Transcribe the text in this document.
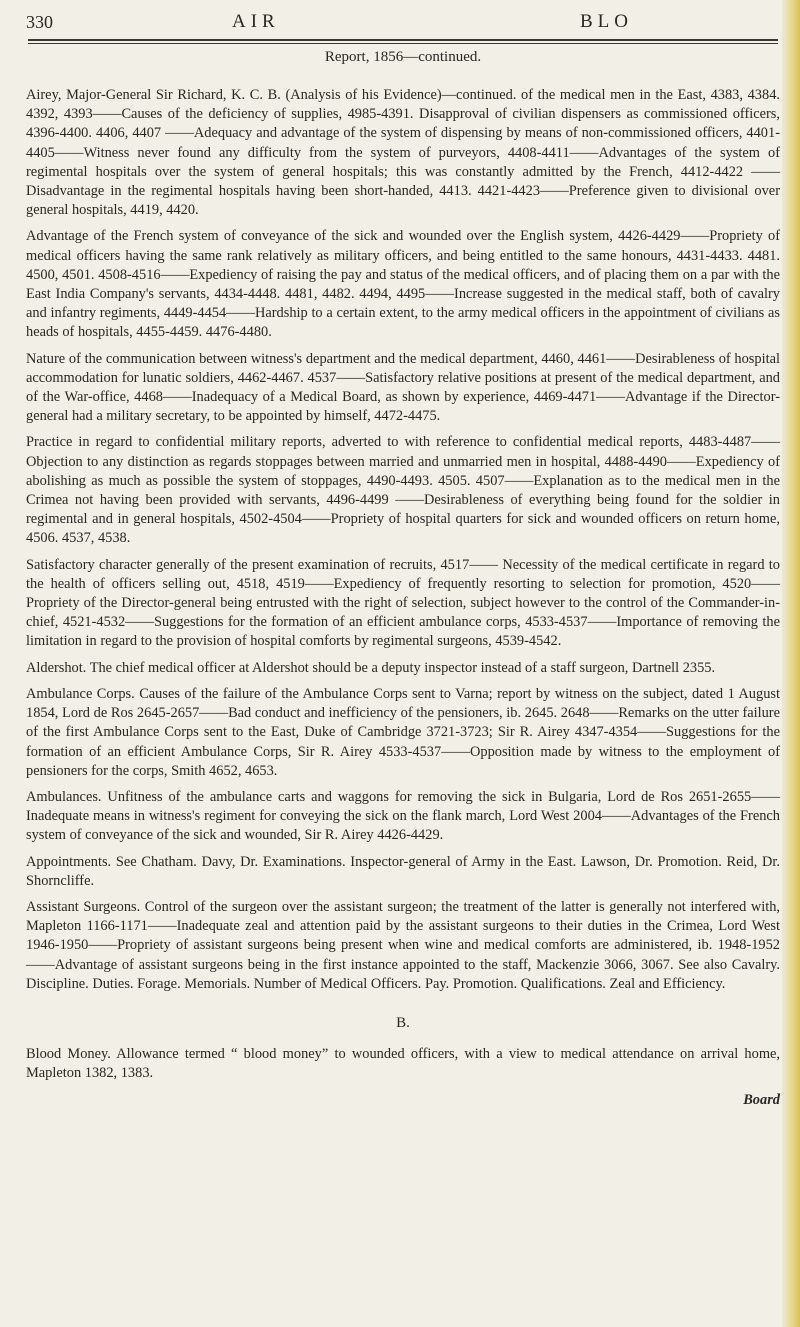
330	AIR	BLO
Report, 1856—continued.

Airey, Major-General Sir Richard, K. C. B. (Analysis of his Evidence)—continued. of the medical men in the East, 4383, 4384. 4392, 4393——Causes of the deficiency of supplies, 4985-4391. Disapproval of civilian dispensers as commissioned officers, 4396-4400. 4406, 4407 ——Adequacy and advantage of the system of dispensing by means of non-commissioned officers, 4401-4405——Witness never found any difficulty from the system of purveyors, 4408-4411——Advantages of the system of regimental hospitals over the system of general hospitals; this was constantly admitted by the French, 4412-4422 ——Disadvantage in the regimental hospitals having been short-handed, 4413. 4421-4423——Preference given to divisional over general hospitals, 4419, 4420.

Advantage of the French system of conveyance of the sick and wounded over the English system, 4426-4429——Propriety of medical officers having the same rank relatively as military officers, and being entitled to the same honours, 4431-4433. 4481. 4500, 4501. 4508-4516——Expediency of raising the pay and status of the medical officers, and of placing them on a par with the East India Company's servants, 4434-4448. 4481, 4482. 4494, 4495——Increase suggested in the medical staff, both of cavalry and infantry regiments, 4449-4454——Hardship to a certain extent, to the army medical officers in the appointment of civilians as heads of hospitals, 4455-4459. 4476-4480.

Nature of the communication between witness's department and the medical department, 4460, 4461——Desirableness of hospital accommodation for lunatic soldiers, 4462-4467. 4537——Satisfactory relative positions at present of the medical department, and of the War-office, 4468——Inadequacy of a Medical Board, as shown by experience, 4469-4471——Advantage if the Director-general had a military secretary, to be appointed by himself, 4472-4475.

Practice in regard to confidential military reports, adverted to with reference to confidential medical reports, 4483-4487——Objection to any distinction as regards stoppages between married and unmarried men in hospital, 4488-4490——Expediency of abolishing as much as possible the system of stoppages, 4490-4493. 4505. 4507——Explanation as to the medical men in the Crimea not having been provided with servants, 4496-4499 ——Desirableness of everything being found for the soldier in regimental and in general hospitals, 4502-4504——Propriety of hospital quarters for sick and wounded officers on return home, 4506. 4537, 4538.

Satisfactory character generally of the present examination of recruits, 4517—— Necessity of the medical certificate in regard to the health of officers selling out, 4518, 4519——Expediency of frequently resorting to selection for promotion, 4520——Propriety of the Director-general being entrusted with the right of selection, subject however to the control of the Commander-in-chief, 4521-4532——Suggestions for the formation of an efficient ambulance corps, 4533-4537——Importance of removing the limitation in regard to the provision of hospital comforts by regimental surgeons, 4539-4542.

Aldershot. The chief medical officer at Aldershot should be a deputy inspector instead of a staff surgeon, Dartnell 2355.

Ambulance Corps. Causes of the failure of the Ambulance Corps sent to Varna; report by witness on the subject, dated 1 August 1854, Lord de Ros 2645-2657——Bad conduct and inefficiency of the pensioners, ib. 2645. 2648——Remarks on the utter failure of the first Ambulance Corps sent to the East, Duke of Cambridge 3721-3723; Sir R. Airey 4347-4354——Suggestions for the formation of an efficient Ambulance Corps, Sir R. Airey 4533-4537——Opposition made by witness to the employment of pensioners for the corps, Smith 4652, 4653.

Ambulances. Unfitness of the ambulance carts and waggons for removing the sick in Bulgaria, Lord de Ros 2651-2655——Inadequate means in witness's regiment for conveying the sick on the flank march, Lord West 2004——Advantages of the French system of conveyance of the sick and wounded, Sir R. Airey 4426-4429.

Appointments. See Chatham. Davy, Dr. Examinations. Inspector-general of Army in the East. Lawson, Dr. Promotion. Reid, Dr. Shorncliffe.

Assistant Surgeons. Control of the surgeon over the assistant surgeon; the treatment of the latter is generally not interfered with, Mapleton 1166-1171——Inadequate zeal and attention paid by the assistant surgeons to their duties in the Crimea, Lord West 1946-1950——Propriety of assistant surgeons being present when wine and medical comforts are administered, ib. 1948-1952——Advantage of assistant surgeons being in the first instance appointed to the staff, Mackenzie 3066, 3067. See also Cavalry. Discipline. Duties. Forage. Memorials. Number of Medical Officers. Pay. Promotion. Qualifications. Zeal and Efficiency.

B.

Blood Money. Allowance termed “ blood money” to wounded officers, with a view to medical attendance on arrival home, Mapleton 1382, 1383.

Board
